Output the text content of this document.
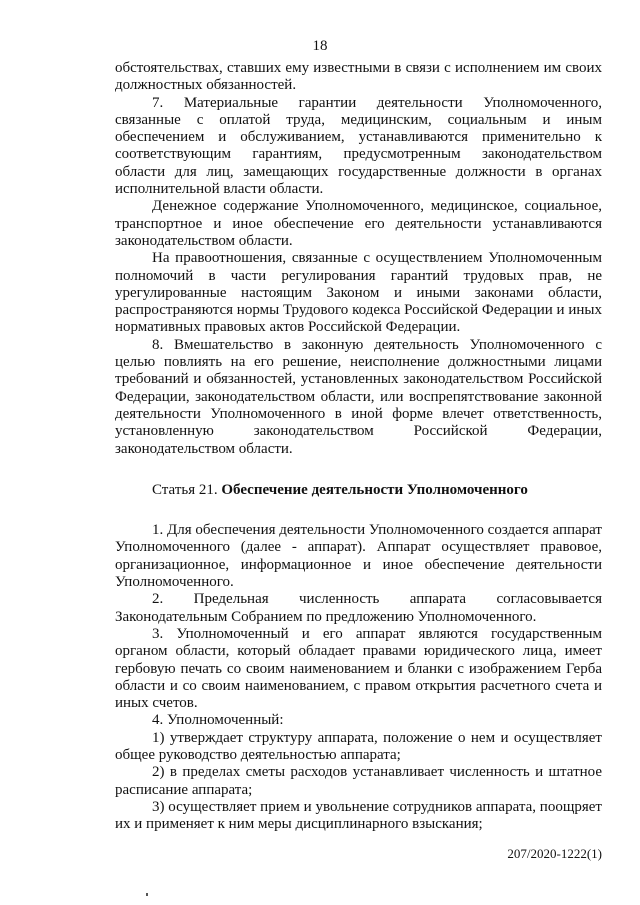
18

обстоятельствах, ставших ему известными в связи с исполнением им своих должностных обязанностей.

7. Материальные гарантии деятельности Уполномоченного, связанные с оплатой труда, медицинским, социальным и иным обеспечением и обслуживанием, устанавливаются применительно к соответствующим гарантиям, предусмотренным законодательством области для лиц, замещающих государственные должности в органах исполнительной власти области.

Денежное содержание Уполномоченного, медицинское, социальное, транспортное и иное обеспечение его деятельности устанавливаются законодательством области.

На правоотношения, связанные с осуществлением Уполномоченным полномочий в части регулирования гарантий трудовых прав, не урегулированные настоящим Законом и иными законами области, распространяются нормы Трудового кодекса Российской Федерации и иных нормативных правовых актов Российской Федерации.

8. Вмешательство в законную деятельность Уполномоченного с целью повлиять на его решение, неисполнение должностными лицами требований и обязанностей, установленных законодательством Российской Федерации, законодательством области, или воспрепятствование законной деятельности Уполномоченного в иной форме влечет ответственность, установленную законодательством Российской Федерации, законодательством области.

Статья 21. Обеспечение деятельности Уполномоченного

1. Для обеспечения деятельности Уполномоченного создается аппарат Уполномоченного (далее - аппарат). Аппарат осуществляет правовое, организационное, информационное и иное обеспечение деятельности Уполномоченного.

2. Предельная численность аппарата согласовывается Законодательным Собранием по предложению Уполномоченного.

3. Уполномоченный и его аппарат являются государственным органом области, который обладает правами юридического лица, имеет гербовую печать со своим наименованием и бланки с изображением Герба области и со своим наименованием, с правом открытия расчетного счета и иных счетов.

4. Уполномоченный:

1) утверждает структуру аппарата, положение о нем и осуществляет общее руководство деятельностью аппарата;

2) в пределах сметы расходов устанавливает численность и штатное расписание аппарата;

3) осуществляет прием и увольнение сотрудников аппарата, поощряет их и применяет к ним меры дисциплинарного взыскания;

207/2020-1222(1)
